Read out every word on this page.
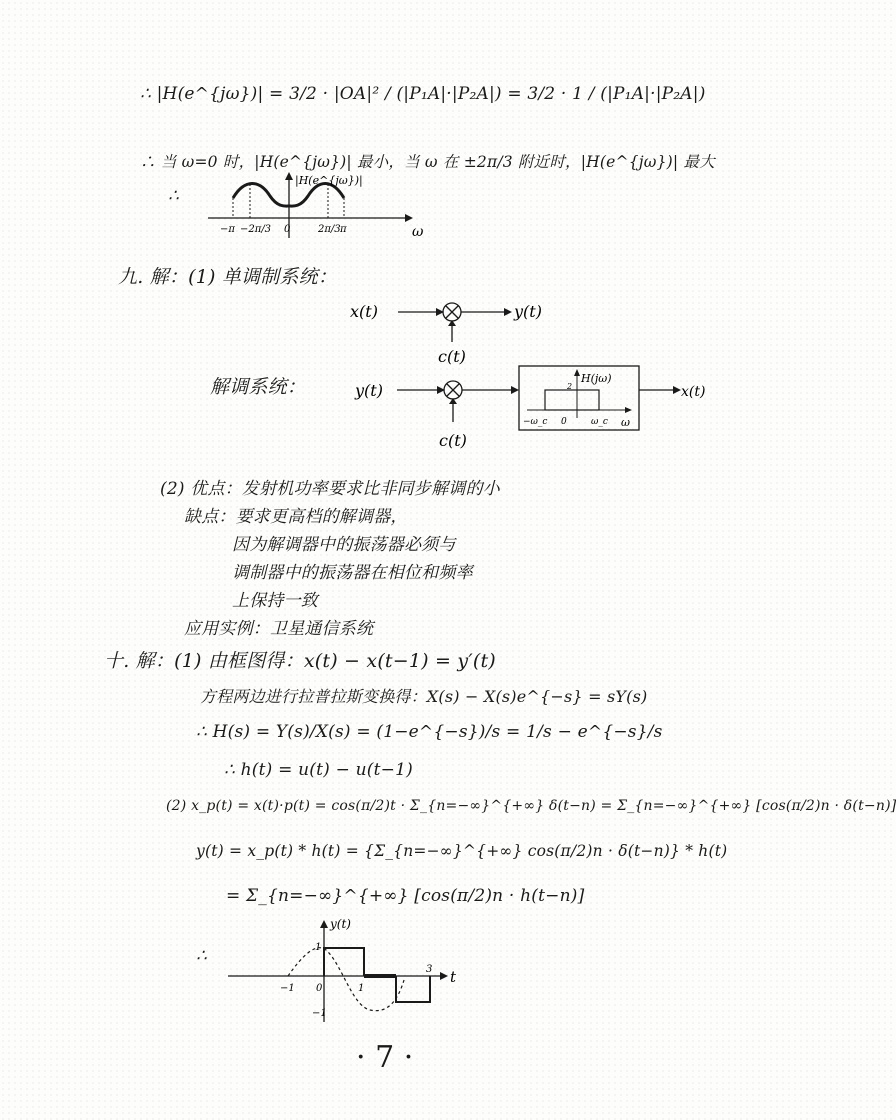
∴ |H(e^{jω})| = 3/2 · |OA|² / (|P₁A|·|P₂A|) = 3/2 · 1 / (|P₁A|·|P₂A|)
∴ 当 ω=0 时，|H(e^{jω})| 最小，当 ω 在 ±2π/3 附近时，|H(e^{jω})| 最大
|H(e^{jω})|
ω
−π −2π/3 0	2π/3 π
∴
九. 解：(1) 单调制系统：
x(t)	y(t)
c(t)
解调系统：	y(t)
c(t)
H(jω)
2
−ω_c 0	ω_c ω
x(t)
(2) 优点：发射机功率要求比非同步解调的小
缺点：要求更高档的解调器，
因为解调器中的振荡器必须与
调制器中的振荡器在相位和频率
上保持一致
应用实例：卫星通信系统
十. 解：(1) 由框图得：x(t) − x(t−1) = y′(t)
方程两边进行拉普拉斯变换得：X(s) − X(s)e^{−s} = sY(s)
∴ H(s) = Y(s)/X(s) = (1−e^{−s})/s = 1/s − e^{−s}/s
∴ h(t) = u(t) − u(t−1)
(2) x_p(t) = x(t)·p(t) = cos(π/2)t · Σ_{n=−∞}^{+∞} δ(t−n) = Σ_{n=−∞}^{+∞} [cos(π/2)n · δ(t−n)]
y(t) = x_p(t) * h(t) = {Σ_{n=−∞}^{+∞} cos(π/2)n · δ(t−n)} * h(t)
= Σ_{n=−∞}^{+∞} [cos(π/2)n · h(t−n)]
y(t)
t
−1 0	1
3
1
−1
∴
· 7 ·
